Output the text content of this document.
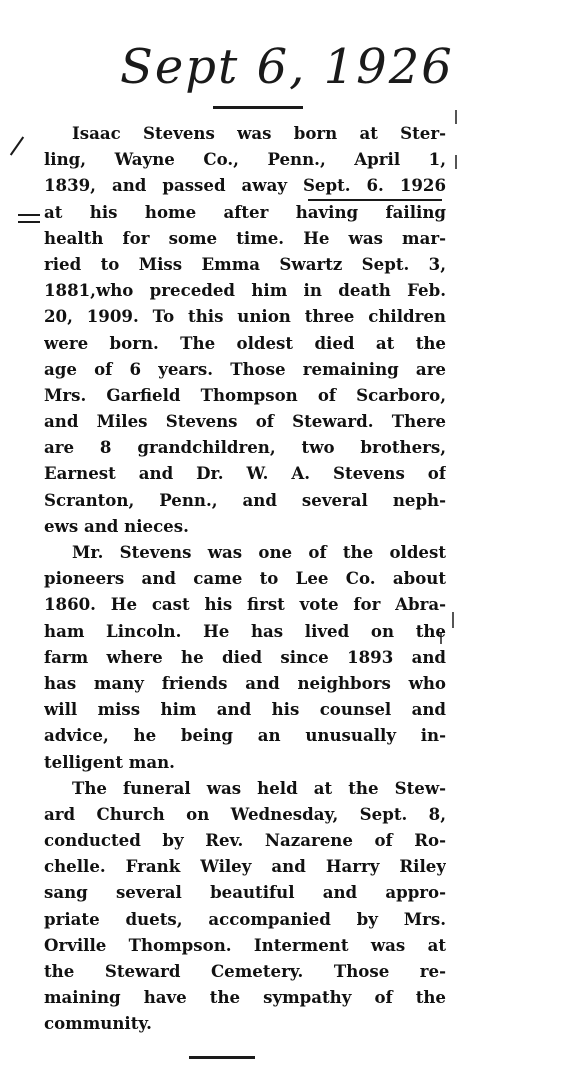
Sept 6, 1926
Isaac Stevens was born at Ster-
ling, Wayne Co., Penn., April 1,
1839, and passed away Sept. 6. 1926
at his home after having failing
health for some time. He was mar-
ried to Miss Emma Swartz Sept. 3,
1881,who preceded him in death Feb.
20, 1909. To this union three children
were born. The oldest died at the
age of 6 years. Those remaining are
Mrs. Garfield Thompson of Scarboro,
and Miles Stevens of Steward. There
are 8 grandchildren, two brothers,
Earnest and Dr. W. A. Stevens of
Scranton, Penn., and several neph-
ews and nieces.
Mr. Stevens was one of the oldest
pioneers and came to Lee Co. about
1860. He cast his first vote for Abra-
ham Lincoln. He has lived on the
farm where he died since 1893 and
has many friends and neighbors who
will miss him and his counsel and
advice, he being an unusually in-
telligent man.
The funeral was held at the Stew-
ard Church on Wednesday, Sept. 8,
conducted by Rev. Nazarene of Ro-
chelle. Frank Wiley and Harry Riley
sang several beautiful and appro-
priate duets, accompanied by Mrs.
Orville Thompson. Interment was at
the Steward Cemetery. Those re-
maining have the sympathy of the
community.
